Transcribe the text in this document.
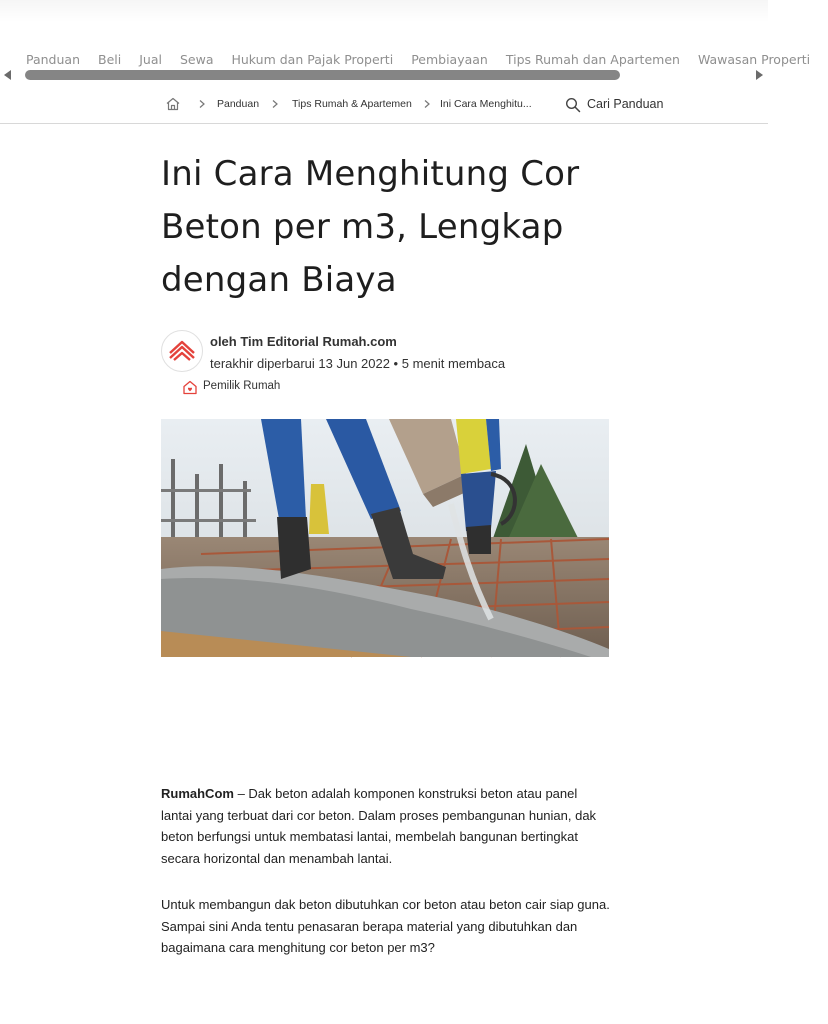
Panduan Beli Jual Sewa Hukum dan Pajak Properti Pembiayaan Tips Rumah dan Apartemen Wawasan Properti
Panduan	Tips Rumah & Apartemen	Ini Cara Menghitu...	Cari Panduan
Ini Cara Menghitung Cor Beton per m3, Lengkap dengan Biaya
oleh Tim Editorial Rumah.com
terakhir diperbarui 13 Jun 2022 • 5 menit membaca
Pemilik Rumah

RumahCom – Dak beton adalah komponen konstruksi beton atau panel lantai yang terbuat dari cor beton. Dalam proses pembangunan hunian, dak beton berfungsi untuk membatasi lantai, membelah bangunan bertingkat secara horizontal dan menambah lantai.

Untuk membangun dak beton dibutuhkan cor beton atau beton cair siap guna. Sampai sini Anda tentu penasaran berapa material yang dibutuhkan dan bagaimana cara menghitung cor beton per m3?
